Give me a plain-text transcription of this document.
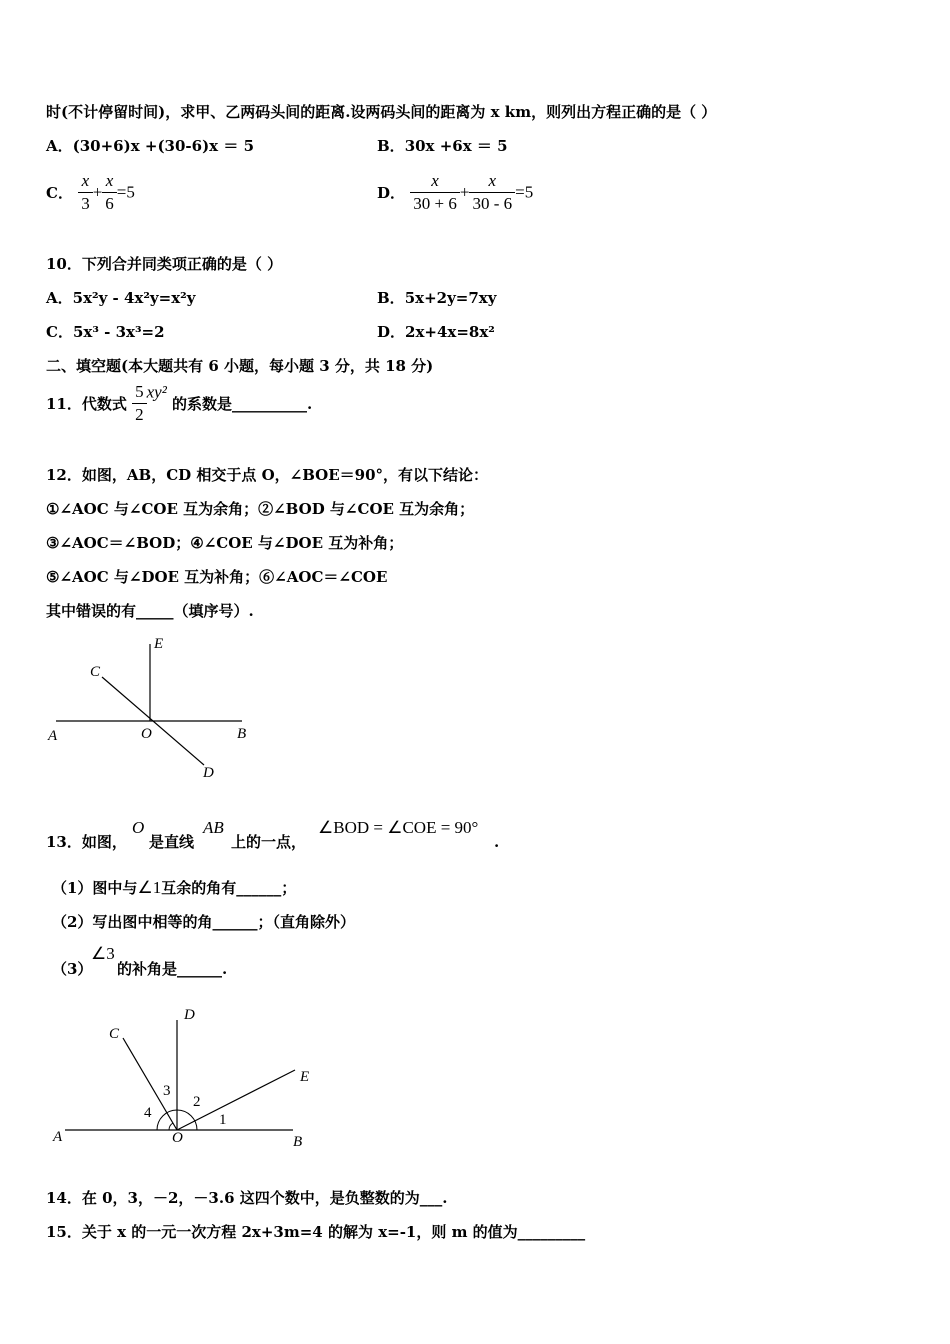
时(不计停留时间)，求甲、乙两码头间的距离.设两码头间的距离为 x km，则列出方程正确的是（ ）
A．(30+6)x +(30-6)x ＝ 5	B．30x +6x ＝ 5
C． $\frac{x}{3} + \frac{x}{6} =5$	D． $\frac{x}{30 + 6} + \frac{x}{30 - 6} =5$
10．下列合并同类项正确的是（ ）
A．5x²y - 4x²y=x²y	B．5x+2y=7xy
C．5x³ - 3x³=2	D．2x+4x=8x²
二、填空题(本大题共有 6 小题，每小题 3 分，共 18 分)
11．代数式 $\frac{5}{2} xy^2$ 的系数是__________.
12．如图，AB，CD 相交于点 O，∠BOE＝90°，有以下结论：
①∠AOC 与∠COE 互为余角；②∠BOD 与∠COE 互为余角；
③∠AOC＝∠BOD；④∠COE 与∠DOE 互为补角；
⑤∠AOC 与∠DOE 互为补角；⑥∠AOC＝∠COE
其中错误的有_____（填序号）.
E
C
A	O	B
D
13．如图，
O
是直线
AB
上的一点，
∠BOD = ∠COE = 90°
.
（1）图中与∠1互余的角有______；
（2）写出图中相等的角______；（直角除外）
（3）
∠3
的补角是______.
D
C
E
A	O	B
1
2
3
4
14．在 0，3，－2，－3.6 这四个数中，是负整数的为___.
15．关于 x 的一元一次方程 2x+3m=4 的解为 x=-1，则 m 的值为_________
